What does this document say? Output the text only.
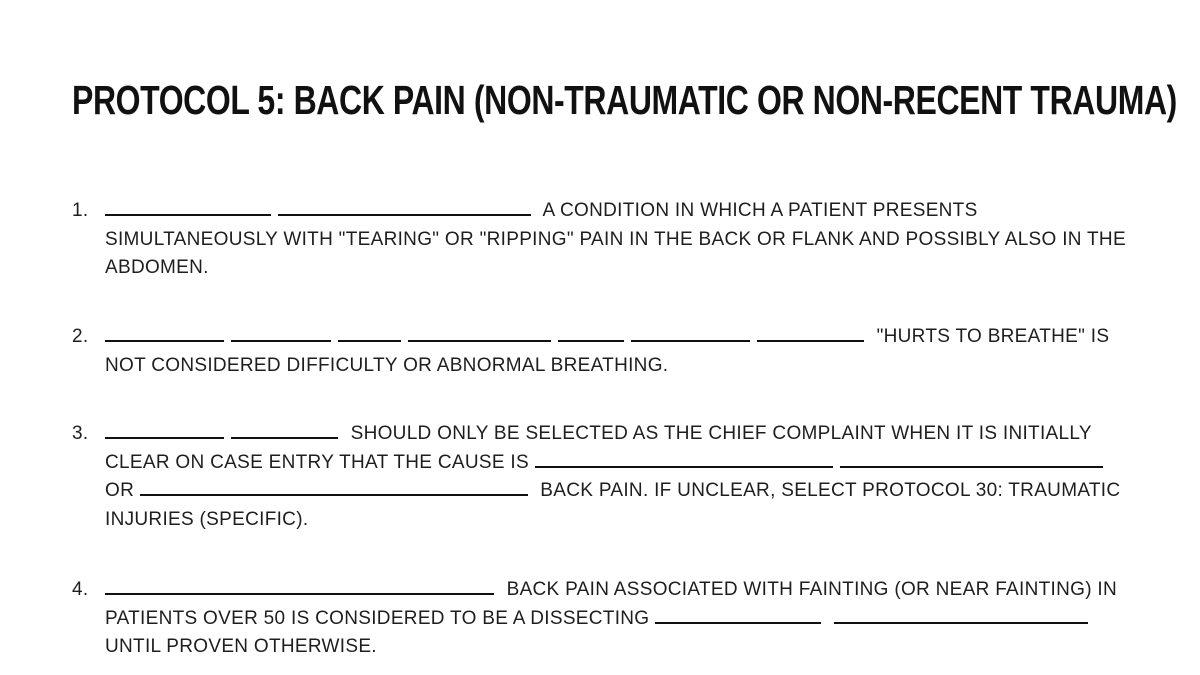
PROTOCOL 5: BACK PAIN (NON-TRAUMATIC OR NON-RECENT TRAUMA)
1.	A CONDITION IN WHICH A PATIENT PRESENTS SIMULTANEOUSLY WITH "TEARING" OR "RIPPING" PAIN IN THE BACK OR FLANK AND POSSIBLY ALSO IN THE ABDOMEN.
2.	"HURTS TO BREATHE" IS NOT CONSIDERED DIFFICULTY OR ABNORMAL BREATHING.
3.	SHOULD ONLY BE SELECTED AS THE CHIEF COMPLAINT WHEN IT IS INITIALLY CLEAR ON CASE ENTRY THAT THE CAUSE IS  OR	BACK PAIN. IF UNCLEAR, SELECT PROTOCOL 30: TRAUMATIC INJURIES (SPECIFIC).
4.	BACK PAIN ASSOCIATED WITH FAINTING (OR NEAR FAINTING) IN PATIENTS OVER 50 IS CONSIDERED TO BE A DISSECTING   UNTIL PROVEN OTHERWISE.
